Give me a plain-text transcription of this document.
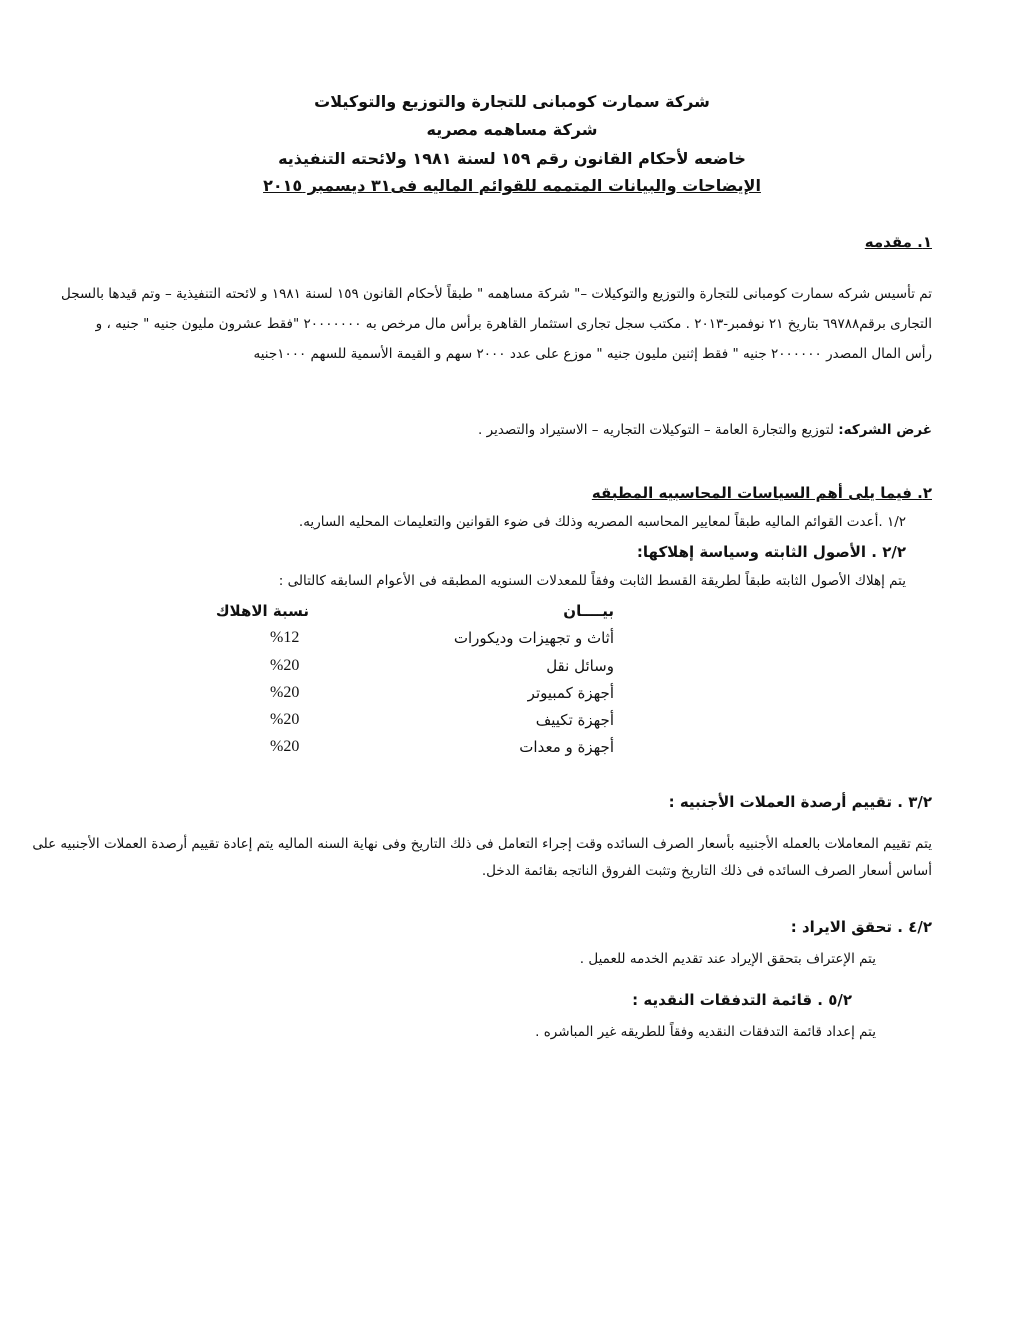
شركة سمارت كومبانى للتجارة والتوزيع والتوكيلات
شركة مساهمه مصريه
خاضعه لأحكام القانون رقم ١٥٩ لسنة ١٩٨١ ولائحته التنفيذيه
الإيضاحات والبيانات المتممه للقوائم الماليه فى٣١ ديسمبر ٢٠١٥
١. مقدمه
تم تأسيس شركه سمارت كومبانى للتجارة والتوزيع والتوكيلات –" شركة مساهمه " طبقاً لأحكام القانون ١٥٩ لسنة ١٩٨١ و لائحته التنفيذية – وتم قيدها بالسجل
التجارى برقم٦٩٧٨٨ بتاريخ ٢١ نوفمبر-٢٠١٣ . مكتب سجل تجارى استثمار القاهرة برأس مال مرخص به ٢٠٠٠٠٠٠٠ "فقط عشرون مليون جنيه " جنيه ، و
رأس المال المصدر ٢٠٠٠٠٠٠ جنيه " فقط إثنين مليون جنيه " موزع على عدد ٢٠٠٠ سهم و القيمة الأسمية للسهم ١٠٠٠جنيه
غرض الشركه: لتوزيع والتجارة العامة – التوكيلات التجاريه – الاستيراد والتصدير .
٢. فيما يلى أهم السياسات المحاسبيه المطبقه
١/٢ .أعدت القوائم الماليه طبقاً لمعايير المحاسبه المصريه وذلك فى ضوء القوانين والتعليمات المحليه الساريه.
٢/٢ . الأصول الثابته وسياسة إهلاكها:
يتم إهلاك الأصول الثابته طبقاً لطريقة القسط الثابت وفقاً للمعدلات السنويه المطبقه فى الأعوام السابقه كالتالى :
بيــــان
نسبة الاهلاك
أثاث و تجهيزات وديكورات
%12
وسائل نقل
%20
أجهزة كمبيوتر
%20
أجهزة تكييف
%20
أجهزة و معدات
%20
٣/٢ . تقييم أرصدة العملات الأجنبيه :
يتم تقييم المعاملات بالعمله الأجنبيه بأسعار الصرف السائده وقت إجراء التعامل فى ذلك التاريخ وفى نهاية السنه الماليه يتم إعادة تقييم أرصدة العملات الأجنبيه على
أساس أسعار الصرف السائده فى ذلك التاريخ وتثبت الفروق الناتجه بقائمة الدخل.
٤/٢ . تحقق الايراد :
يتم الإعتراف بتحقق الإيراد عند تقديم الخدمه للعميل .
٥/٢ . قائمة التدفقات النقديه :
يتم إعداد قائمة التدفقات النقديه وفقاً للطريقه غير المباشره .
